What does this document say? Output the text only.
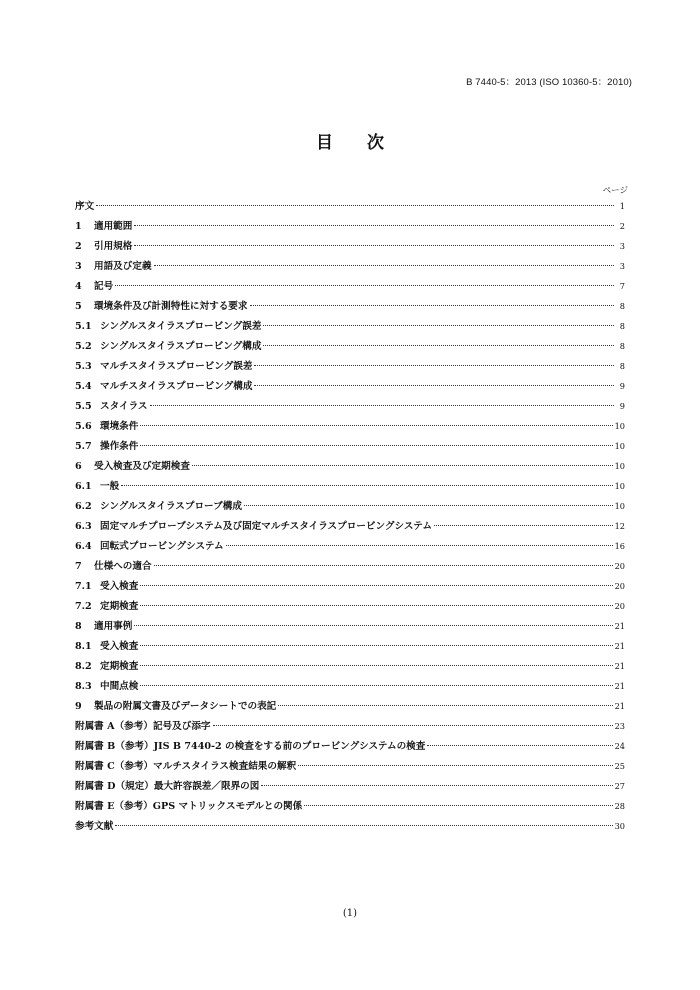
B 7440-5：2013 (ISO 10360-5：2010)
目 次
ページ
序文	1
1	適用範囲	2
2	引用規格	3
3	用語及び定義	3
4	記号	7
5	環境条件及び計測特性に対する要求	8
5.1 シングルスタイラスプロービング誤差	8
5.2 シングルスタイラスプロービング構成	8
5.3 マルチスタイラスプロービング誤差	8
5.4 マルチスタイラスプロービング構成	9
5.5 スタイラス	9
5.6 環境条件	10
5.7 操作条件	10
6	受入検査及び定期検査	10
6.1 一般	10
6.2 シングルスタイラスプローブ構成	10
6.3 固定マルチプローブシステム及び固定マルチスタイラスプロービングシステム	12
6.4 回転式プロービングシステム	16
7	仕様への適合	20
7.1 受入検査	20
7.2 定期検査	20
8	適用事例	21
8.1 受入検査	21
8.2 定期検査	21
8.3 中間点検	21
9	製品の附属文書及びデータシートでの表記	21
附属書 A（参考）記号及び添字	23
附属書 B（参考）JIS B 7440-2 の検査をする前のプロービングシステムの検査	24
附属書 C（参考）マルチスタイラス検査結果の解釈	25
附属書 D（規定）最大許容誤差／限界の図	27
附属書 E（参考）GPS マトリックスモデルとの関係	28
参考文献	30
(1)
